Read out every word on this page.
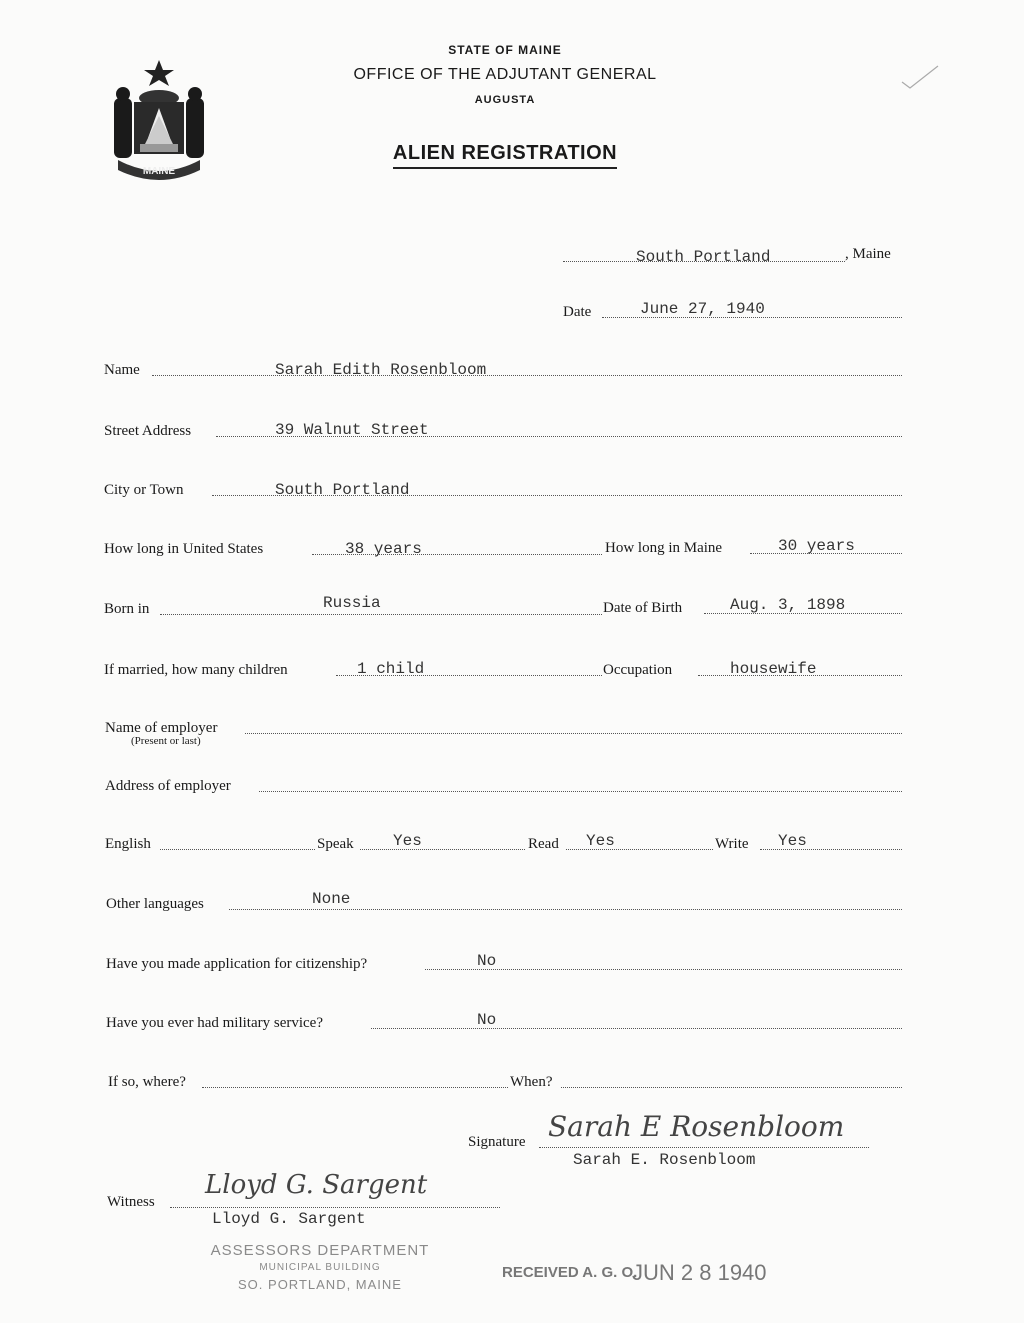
MAINE
STATE OF MAINE
OFFICE OF THE ADJUTANT GENERAL
AUGUSTA
ALIEN REGISTRATION
South Portland	, Maine
Date	June 27, 1940
Name	Sarah Edith Rosenbloom
Street Address	39 Walnut Street
City or Town	South Portland
How long in United States	38 years	How long in Maine	30 years
Born in	Russia	Date of Birth	Aug. 3, 1898
If married, how many children	1 child	Occupation	housewife
Name of employer
(Present or last)
Address of employer
English	Speak Yes	Read Yes	Write Yes
Other languages	None
Have you made application for citizenship?	No
Have you ever had military service?	No
If so, where?	When?
Signature Sarah E Rosenbloom
Sarah E. Rosenbloom
Witness
Lloyd G. Sargent
Lloyd G. Sargent
ASSESSORS DEPARTMENT
MUNICIPAL BUILDING
SO. PORTLAND, MAINE
RECEIVED A. G. O.
JUN 2 8 1940
